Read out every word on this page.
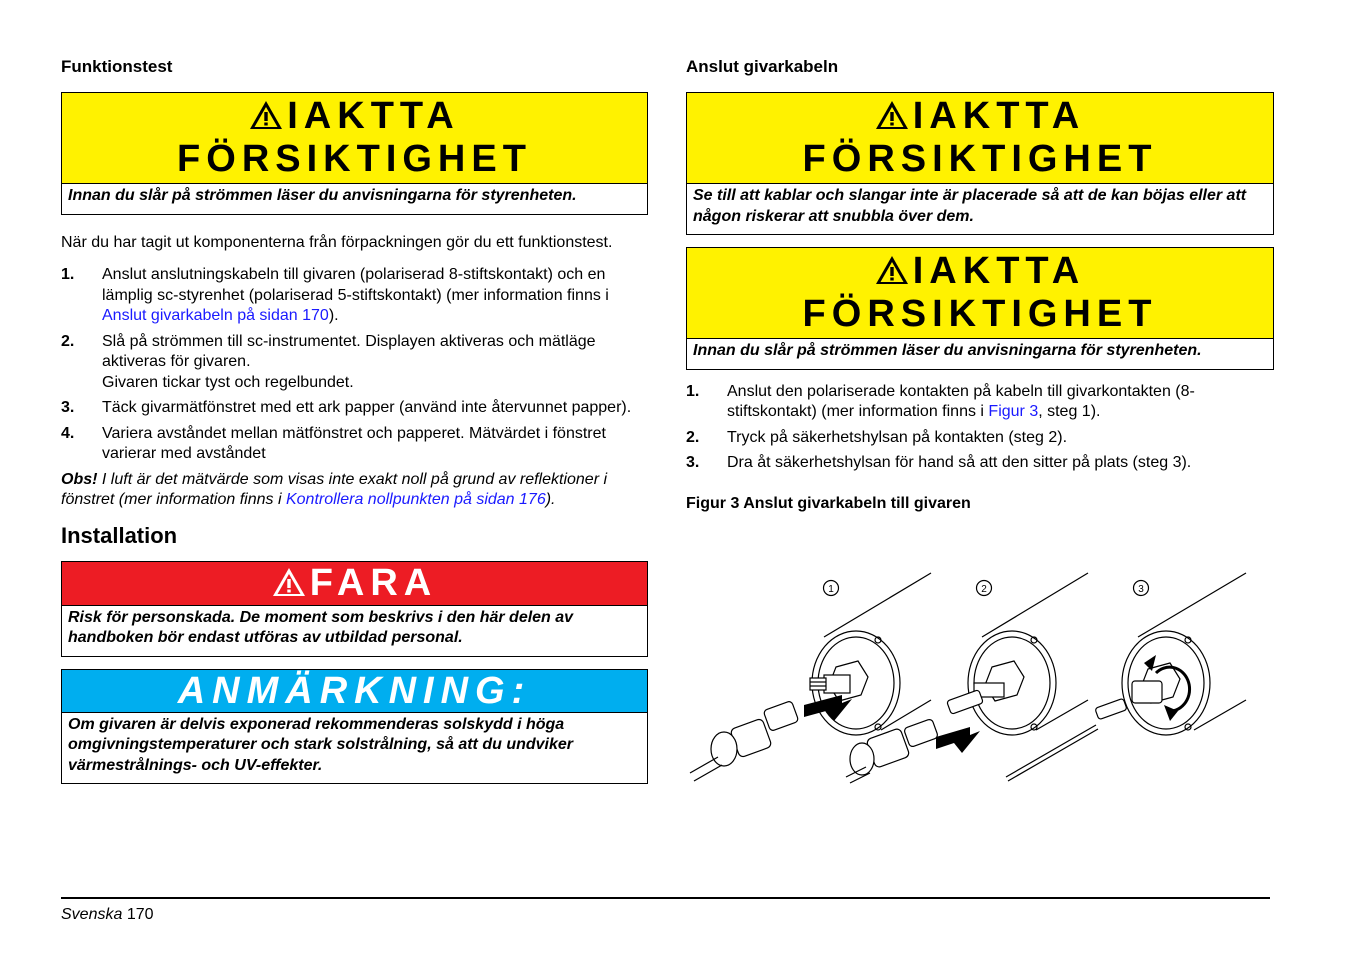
Funktionstest
IAKTTA
FÖRSIKTIGHET
Innan du slår på strömmen läser du anvisningarna för styrenheten.

När du har tagit ut komponenterna från förpackningen gör du ett funktionstest.

1. Anslut anslutningskabeln till givaren (polariserad 8-stiftskontakt) och en lämplig sc-styrenhet (polariserad 5-stiftskontakt) (mer information finns i Anslut givarkabeln på sidan 170).
2. Slå på strömmen till sc-instrumentet. Displayen aktiveras och mätläge aktiveras för givaren.
Givaren tickar tyst och regelbundet.
3. Täck givarmätfönstret med ett ark papper (använd inte återvunnet papper).
4. Variera avståndet mellan mätfönstret och papperet. Mätvärdet i fönstret varierar med avståndet

Obs! I luft är det mätvärde som visas inte exakt noll på grund av reflektioner i fönstret (mer information finns i Kontrollera nollpunkten på sidan 176).

Installation
FARA
Risk för personskada. De moment som beskrivs i den här delen av handboken bör endast utföras av utbildad personal.
ANMÄRKNING:
Om givaren är delvis exponerad rekommenderas solskydd i höga omgivningstemperaturer och stark solstrålning, så att du undviker värmestrålnings- och UV-effekter.
Anslut givarkabeln
IAKTTA
FÖRSIKTIGHET
Se till att kablar och slangar inte är placerade så att de kan böjas eller att någon riskerar att snubbla över dem.
IAKTTA
FÖRSIKTIGHET
Innan du slår på strömmen läser du anvisningarna för styrenheten.
1. Anslut den polariserade kontakten på kabeln till givarkontakten (8-stiftskontakt) (mer information finns i Figur 3, steg 1).
2. Tryck på säkerhetshylsan på kontakten (steg 2).
3. Dra åt säkerhetshylsan för hand så att den sitter på plats (steg 3).

Figur 3 Anslut givarkabeln till givaren

1	2	3
Svenska 170
